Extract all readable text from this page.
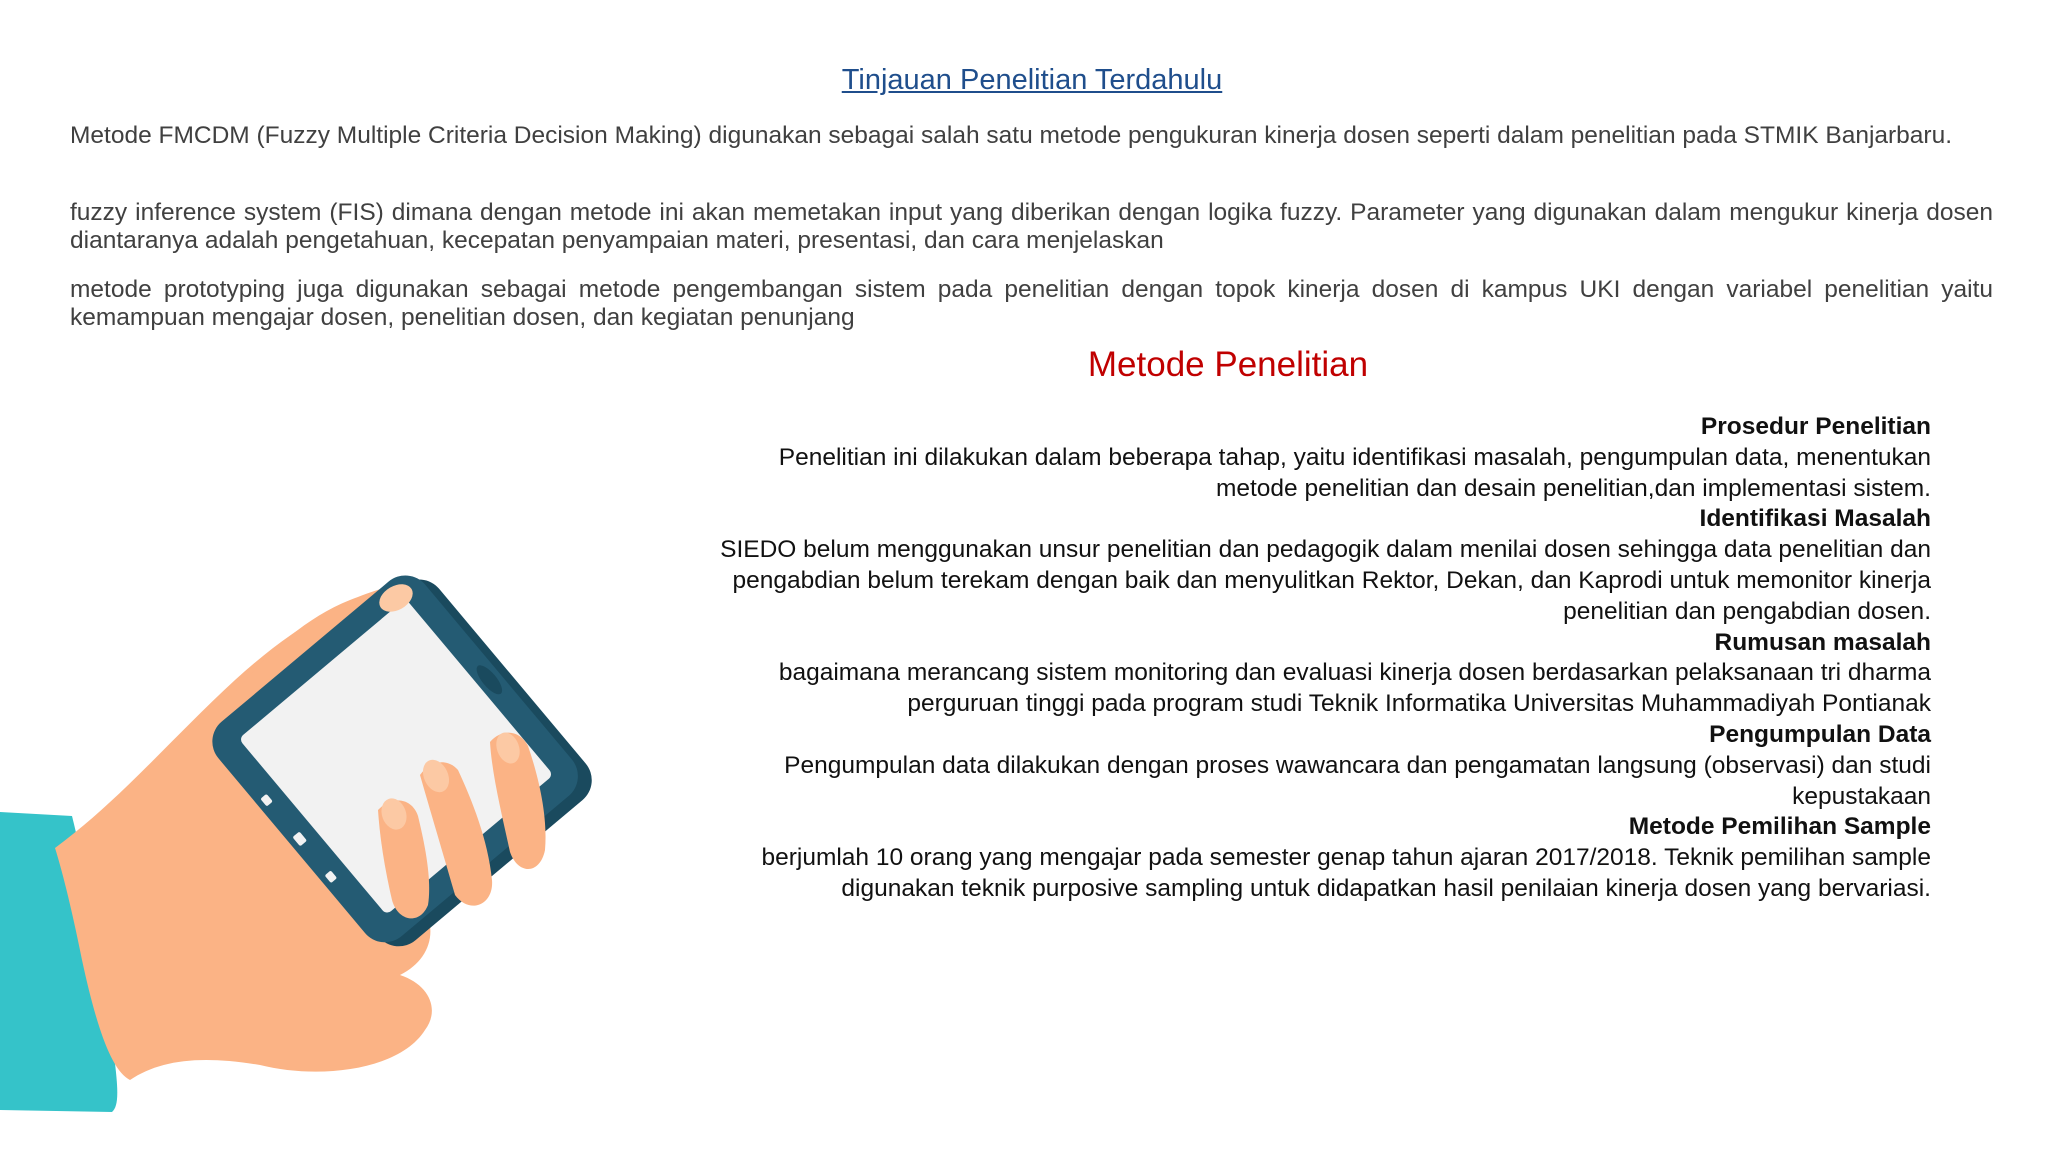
Tinjauan Penelitian Terdahulu

Metode FMCDM (Fuzzy Multiple Criteria Decision Making) digunakan sebagai salah satu metode pengukuran kinerja dosen seperti dalam penelitian pada STMIK Banjarbaru.

fuzzy inference system (FIS) dimana dengan metode ini akan memetakan input yang diberikan dengan logika fuzzy. Parameter yang digunakan dalam mengukur kinerja dosen diantaranya adalah pengetahuan, kecepatan penyampaian materi, presentasi, dan cara menjelaskan

metode prototyping juga digunakan sebagai metode pengembangan sistem pada penelitian dengan topok kinerja dosen di kampus UKI dengan variabel penelitian yaitu kemampuan mengajar dosen, penelitian dosen, dan kegiatan penunjang

Metode Penelitian

Prosedur Penelitian

Penelitian ini dilakukan dalam beberapa tahap, yaitu identifikasi masalah, pengumpulan data, menentukan metode penelitian dan desain penelitian,dan implementasi sistem.

Identifikasi Masalah

SIEDO belum menggunakan unsur penelitian dan pedagogik dalam menilai dosen sehingga data penelitian dan pengabdian belum terekam dengan baik dan menyulitkan Rektor, Dekan, dan Kaprodi untuk memonitor kinerja penelitian dan pengabdian dosen.

Rumusan masalah

bagaimana merancang sistem monitoring dan evaluasi kinerja dosen berdasarkan pelaksanaan tri dharma perguruan tinggi pada program studi Teknik Informatika Universitas Muhammadiyah Pontianak

Pengumpulan Data

Pengumpulan data dilakukan dengan proses wawancara dan pengamatan langsung (observasi) dan studi kepustakaan

Metode Pemilihan Sample

berjumlah 10 orang yang mengajar pada semester genap tahun ajaran 2017/2018. Teknik pemilihan sample digunakan teknik purposive sampling untuk didapatkan hasil penilaian kinerja dosen yang bervariasi.
